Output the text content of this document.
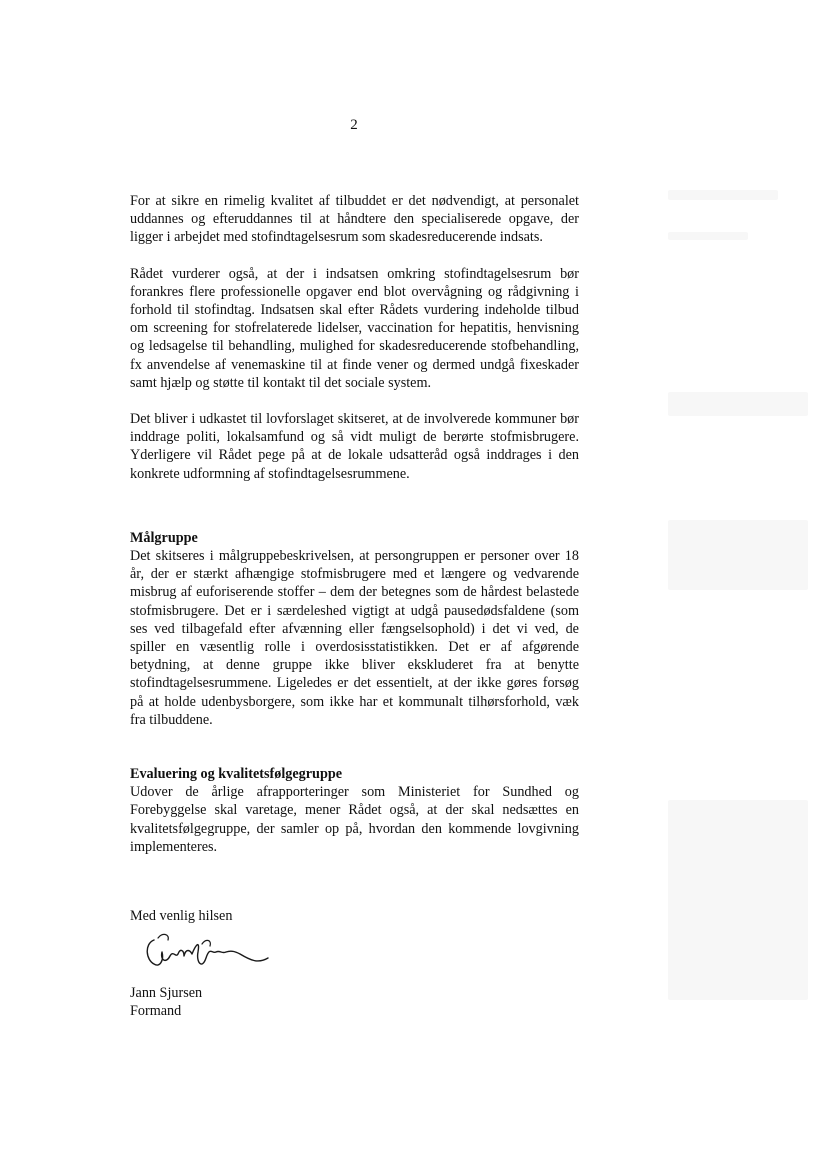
2

For at sikre en rimelig kvalitet af tilbuddet er det nødvendigt, at personalet uddannes og efteruddannes til at håndtere den specialiserede opgave, der ligger i arbejdet med stofindtagelsesrum som skadesreducerende indsats.

Rådet vurderer også, at der i indsatsen omkring stofindtagelsesrum bør forankres flere professionelle opgaver end blot overvågning og rådgivning i forhold til stofindtag. Indsatsen skal efter Rådets vurdering indeholde tilbud om screening for stofrelaterede lidelser, vaccination for hepatitis, henvisning og ledsagelse til behandling, mulighed for skadesreducerende stofbehandling, fx anvendelse af venemaskine til at finde vener og dermed undgå fixeskader samt hjælp og støtte til kontakt til det sociale system.

Det bliver i udkastet til lovforslaget skitseret, at de involverede kommuner bør inddrage politi, lokalsamfund og så vidt muligt de berørte stofmisbrugere. Yderligere vil Rådet pege på at de lokale udsatteråd også inddrages i den konkrete udformning af stofindtagelsesrummene.

Målgruppe

Det skitseres i målgruppebeskrivelsen, at persongruppen er personer over 18 år, der er stærkt afhængige stofmisbrugere med et længere og vedvarende misbrug af euforiserende stoffer – dem der betegnes som de hårdest belastede stofmisbrugere. Det er i særdeleshed vigtigt at udgå pausedødsfaldene (som ses ved tilbagefald efter afvænning eller fængselsophold) i det vi ved, de spiller en væsentlig rolle i overdosisstatistikken. Det er af afgørende betydning, at denne gruppe ikke bliver ekskluderet fra at benytte stofindtagelsesrummene. Ligeledes er det essentielt, at der ikke gøres forsøg på at holde udenbysborgere, som ikke har et kommunalt tilhørsforhold, væk fra tilbuddene.

Evaluering og kvalitetsfølgegruppe

Udover de årlige afrapporteringer som Ministeriet for Sundhed og Forebyggelse skal varetage, mener Rådet også, at der skal nedsættes en kvalitetsfølgegruppe, der samler op på, hvordan den kommende lovgivning implementeres.

Med venlig hilsen
Jann Sjursen
Formand
